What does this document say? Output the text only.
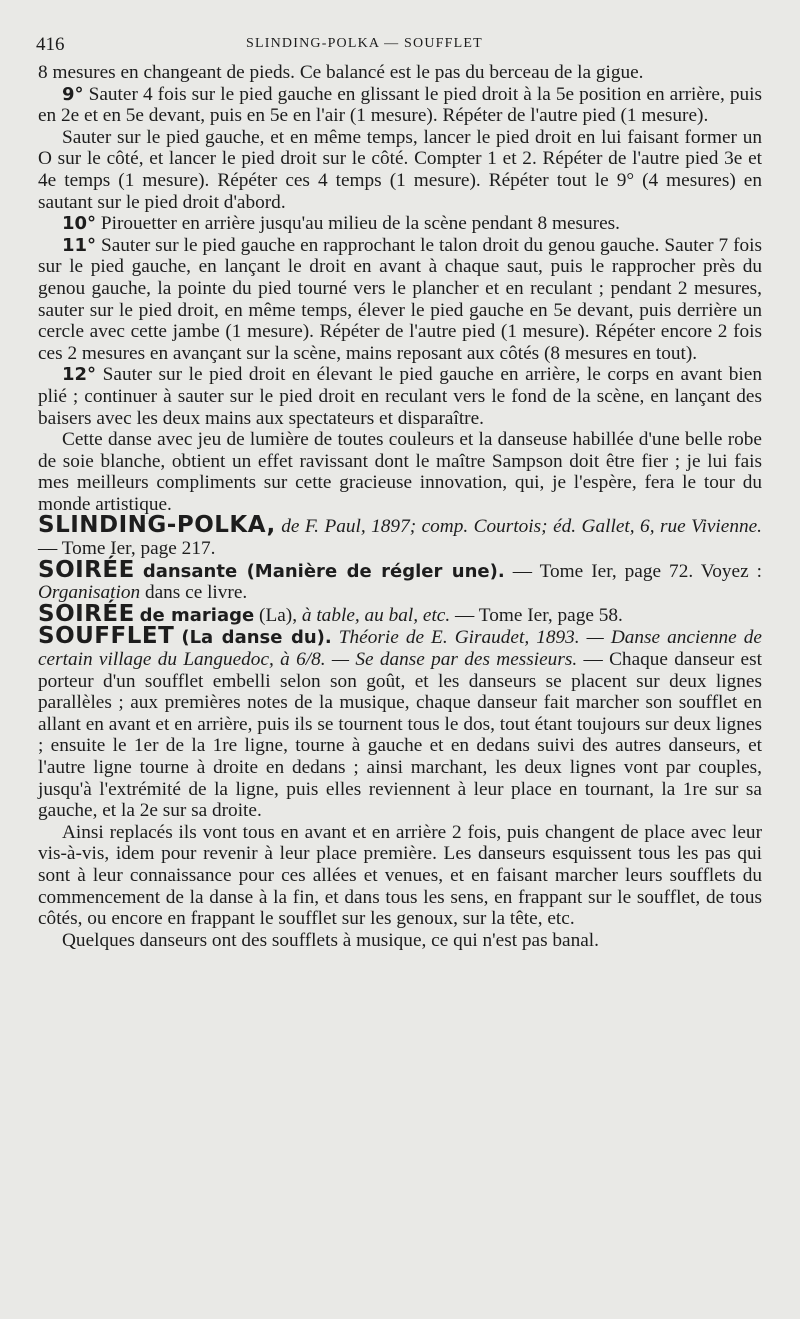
416	SLINDING-POLKA — SOUFFLET

8 mesures en changeant de pieds. Ce balancé est le pas du berceau de la gigue.

9° Sauter 4 fois sur le pied gauche en glissant le pied droit à la 5e position en arrière, puis en 2e et en 5e devant, puis en 5e en l'air (1 mesure). Répéter de l'autre pied (1 mesure).

Sauter sur le pied gauche, et en même temps, lancer le pied droit en lui faisant former un O sur le côté, et lancer le pied droit sur le côté. Compter 1 et 2. Répéter de l'autre pied 3e et 4e temps (1 mesure). Répéter ces 4 temps (1 mesure). Répéter tout le 9° (4 mesures) en sautant sur le pied droit d'abord.

10° Pirouetter en arrière jusqu'au milieu de la scène pendant 8 mesures.

11° Sauter sur le pied gauche en rapprochant le talon droit du genou gauche. Sauter 7 fois sur le pied gauche, en lançant le droit en avant à chaque saut, puis le rapprocher près du genou gauche, la pointe du pied tourné vers le plancher et en reculant ; pendant 2 mesures, sauter sur le pied droit, en même temps, élever le pied gauche en 5e devant, puis derrière un cercle avec cette jambe (1 mesure). Répéter de l'autre pied (1 mesure). Répéter encore 2 fois ces 2 mesures en avançant sur la scène, mains reposant aux côtés (8 mesures en tout).

12° Sauter sur le pied droit en élevant le pied gauche en arrière, le corps en avant bien plié ; continuer à sauter sur le pied droit en reculant vers le fond de la scène, en lançant des baisers avec les deux mains aux spectateurs et disparaître.

Cette danse avec jeu de lumière de toutes couleurs et la danseuse habillée d'une belle robe de soie blanche, obtient un effet ravissant dont le maître Sampson doit être fier ; je lui fais mes meilleurs compliments sur cette gracieuse innovation, qui, je l'espère, fera le tour du monde artistique.

SLINDING-POLKA, de F. Paul, 1897; comp. Courtois; éd. Gallet, 6, rue Vivienne. — Tome Ier, page 217.

SOIRÉE dansante (Manière de régler une). — Tome Ier, page 72. Voyez : Organisation dans ce livre.

SOIRÉE de mariage (La), à table, au bal, etc. — Tome Ier, page 58.

SOUFFLET (La danse du). Théorie de E. Giraudet, 1893. — Danse ancienne de certain village du Languedoc, à 6/8. — Se danse par des messieurs. — Chaque danseur est porteur d'un soufflet embelli selon son goût, et les danseurs se placent sur deux lignes parallèles ; aux premières notes de la musique, chaque danseur fait marcher son soufflet en allant en avant et en arrière, puis ils se tournent tous le dos, tout étant toujours sur deux lignes ; ensuite le 1er de la 1re ligne, tourne à gauche et en dedans suivi des autres danseurs, et l'autre ligne tourne à droite en dedans ; ainsi marchant, les deux lignes vont par couples, jusqu'à l'extrémité de la ligne, puis elles reviennent à leur place en tournant, la 1re sur sa gauche, et la 2e sur sa droite.

Ainsi replacés ils vont tous en avant et en arrière 2 fois, puis changent de place avec leur vis-à-vis, idem pour revenir à leur place première. Les danseurs esquissent tous les pas qui sont à leur connaissance pour ces allées et venues, et en faisant marcher leurs soufflets du commencement de la danse à la fin, et dans tous les sens, en frappant sur le soufflet, de tous côtés, ou encore en frappant le soufflet sur les genoux, sur la tête, etc.

Quelques danseurs ont des soufflets à musique, ce qui n'est pas banal.
